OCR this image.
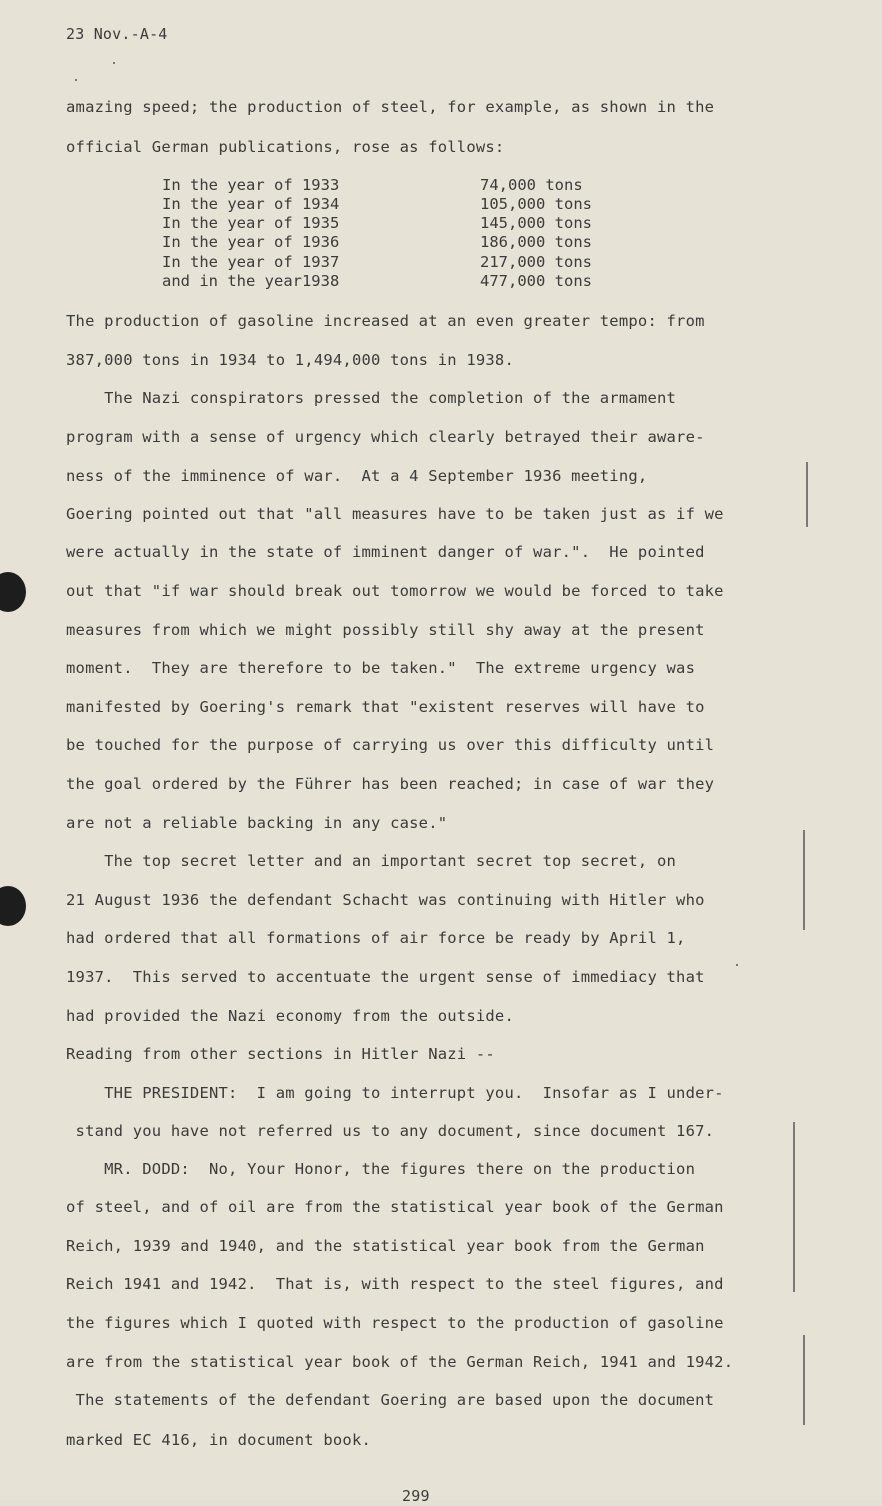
23 Nov.-A-4
amazing speed; the production of steel, for example, as shown in the
official German publications, rose as follows:
In the year of 1933	74,000 tons
In the year of 1934	105,000 tons
In the year of 1935	145,000 tons
In the year of 1936	186,000 tons
In the year of 1937	217,000 tons
and in the year1938	477,000 tons
The production of gasoline increased at an even greater tempo: from
387,000 tons in 1934 to 1,494,000 tons in 1938.
The Nazi conspirators pressed the completion of the armament
program with a sense of urgency which clearly betrayed their aware-
ness of the imminence of war.  At a 4 September 1936 meeting,
Goering pointed out that "all measures have to be taken just as if we
were actually in the state of imminent danger of war.".  He pointed
out that "if war should break out tomorrow we would be forced to take
measures from which we might possibly still shy away at the present
moment.  They are therefore to be taken."  The extreme urgency was
manifested by Goering's remark that "existent reserves will have to
be touched for the purpose of carrying us over this difficulty until
the goal ordered by the Führer has been reached; in case of war they
are not a reliable backing in any case."
The top secret letter and an important secret top secret, on
21 August 1936 the defendant Schacht was continuing with Hitler who
had ordered that all formations of air force be ready by April 1,
1937.  This served to accentuate the urgent sense of immediacy that
had provided the Nazi economy from the outside.
Reading from other sections in Hitler Nazi --
THE PRESIDENT:  I am going to interrupt you.  Insofar as I under-
stand you have not referred us to any document, since document 167.
MR. DODD:  No, Your Honor, the figures there on the production
of steel, and of oil are from the statistical year book of the German
Reich, 1939 and 1940, and the statistical year book from the German
Reich 1941 and 1942.  That is, with respect to the steel figures, and
the figures which I quoted with respect to the production of gasoline
are from the statistical year book of the German Reich, 1941 and 1942.
The statements of the defendant Goering are based upon the document
marked EC 416, in document book.
299
